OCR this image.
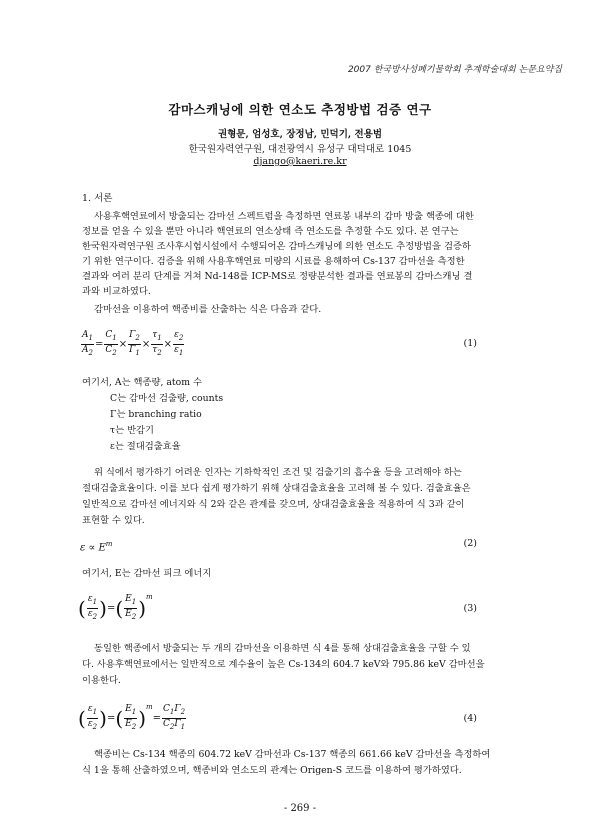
2007 한국방사성폐기물학회 추계학술대회 논문요약집
감마스캐닝에 의한 연소도 추정방법 검증 연구
권형문, 엄성호, 장정남, 민덕기, 전용범
한국원자력연구원, 대전광역시 유성구 대덕대로 1045
django@kaeri.re.kr
1. 서론
사용후핵연료에서 방출되는 감마선 스펙트럼을 측정하면 연료봉 내부의 감마 방출 핵종에 대한
정보를 얻을 수 있을 뿐만 아니라 핵연료의 연소상태 즉 연소도를 추정할 수도 있다. 본 연구는
한국원자력연구원 조사후시험시설에서 수행되어온 감마스캐닝에 의한 연소도 추정방법을 검증하
기 위한 연구이다. 검증을 위해 사용후핵연료 미량의 시료를 용해하여 Cs-137 감마선을 측정한
결과와 여러 분리 단계를 거쳐 Nd-148를 ICP-MS로 정량분석한 결과를 연료봉의 감마스캐닝 결
과와 비교하였다.
감마선을 이용하여 핵종비를 산출하는 식은 다음과 같다.
$\frac{A_1}{A_2} = \frac{C_1}{C_2} \times \frac{\Gamma_2}{\Gamma_1} \times \frac{\tau_1}{\tau_2} \times \frac{\varepsilon_2}{\varepsilon_1}$	(1)
여기서, A는 핵종량, atom 수
C는 감마선 검출량, counts
Γ는 branching ratio
τ는 반감기
ε는 절대검출효율
위 식에서 평가하기 어려운 인자는 기하학적인 조건 및 검출기의 흡수율 등을 고려해야 하는
절대검출효율이다. 이를 보다 쉽게 평가하기 위해 상대검출효율을 고려해 볼 수 있다. 검출효율은
일반적으로 감마선 에너지와 식 2와 같은 관계를 갖으며, 상대검출효율을 적용하여 식 3과 같이
표현할 수 있다.
$\varepsilon \propto E^m$	(2)
여기서, E는 감마선 피크 에너지
( $\frac{\varepsilon_1}{\varepsilon_2}$ )=( $\frac{E_1}{E_2} )^m$
(3)
동일한 핵종에서 방출되는 두 개의 감마선을 이용하면 식 4를 통해 상대검출효율을 구할 수 있
다. 사용후핵연료에서는 일반적으로 계수율이 높은 Cs-134의 604.7 keV와 795.86 keV 감마선을
이용한다.
( $\frac{\varepsilon_1}{\varepsilon_2}$ )=( $\frac{E_1}{E_2} )^m= \frac{C_1\Gamma_2}{C_2\Gamma_1}$	(4)
핵종비는 Cs-134 핵종의 604.72 keV 감마선과 Cs-137 핵종의 661.66 keV 감마선을 측정하여
식 1을 통해 산출하였으며, 핵종비와 연소도의 관계는 Origen-S 코드를 이용하여 평가하였다.
- 269 -
